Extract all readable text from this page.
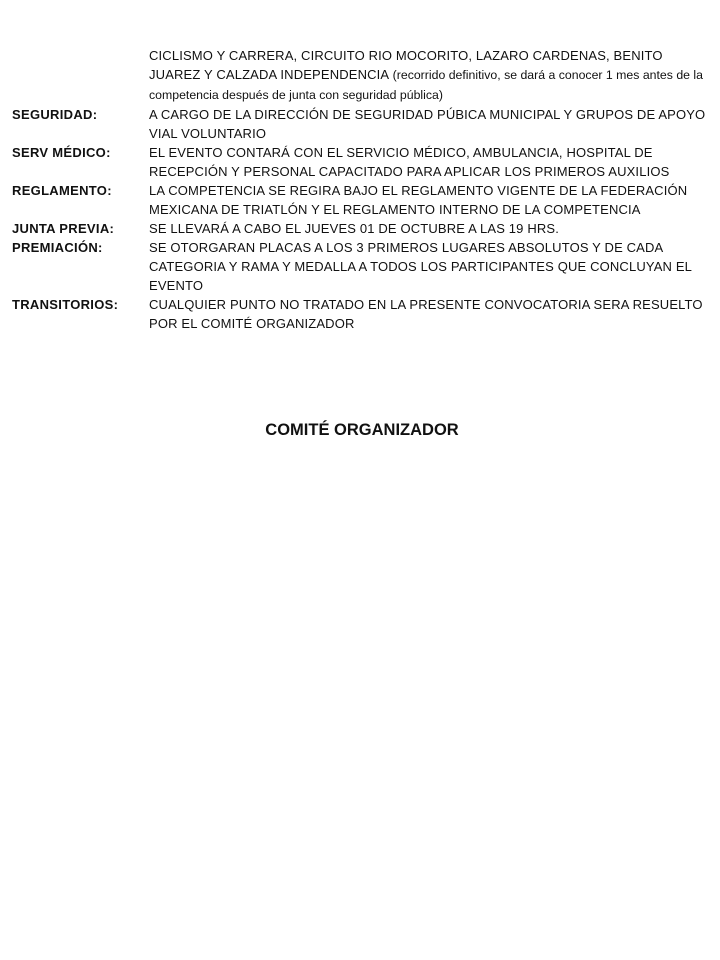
CICLISMO Y CARRERA, CIRCUITO RIO MOCORITO, LAZARO CARDENAS, BENITO JUAREZ Y CALZADA INDEPENDENCIA (recorrido definitivo, se dará a conocer 1 mes antes de la competencia después de junta con seguridad pública)
SEGURIDAD:	A CARGO DE LA DIRECCIÓN DE SEGURIDAD PÚBICA MUNICIPAL Y GRUPOS DE APOYO VIAL VOLUNTARIO
SERV MÉDICO:	EL EVENTO CONTARÁ CON EL SERVICIO MÉDICO, AMBULANCIA, HOSPITAL DE RECEPCIÓN Y PERSONAL CAPACITADO PARA APLICAR LOS PRIMEROS AUXILIOS
REGLAMENTO:	LA COMPETENCIA SE REGIRA BAJO EL REGLAMENTO VIGENTE DE LA FEDERACIÓN MEXICANA DE TRIATLÓN Y EL REGLAMENTO INTERNO DE LA COMPETENCIA
JUNTA PREVIA:	SE LLEVARÁ A CABO EL JUEVES 01 DE OCTUBRE A LAS 19 HRS.
PREMIACIÓN:	SE OTORGARAN PLACAS A LOS 3 PRIMEROS LUGARES ABSOLUTOS Y DE CADA CATEGORIA Y RAMA Y MEDALLA A TODOS LOS PARTICIPANTES QUE CONCLUYAN EL EVENTO
TRANSITORIOS:	CUALQUIER PUNTO NO TRATADO EN LA PRESENTE CONVOCATORIA SERA RESUELTO POR EL COMITÉ ORGANIZADOR
COMITÉ ORGANIZADOR
